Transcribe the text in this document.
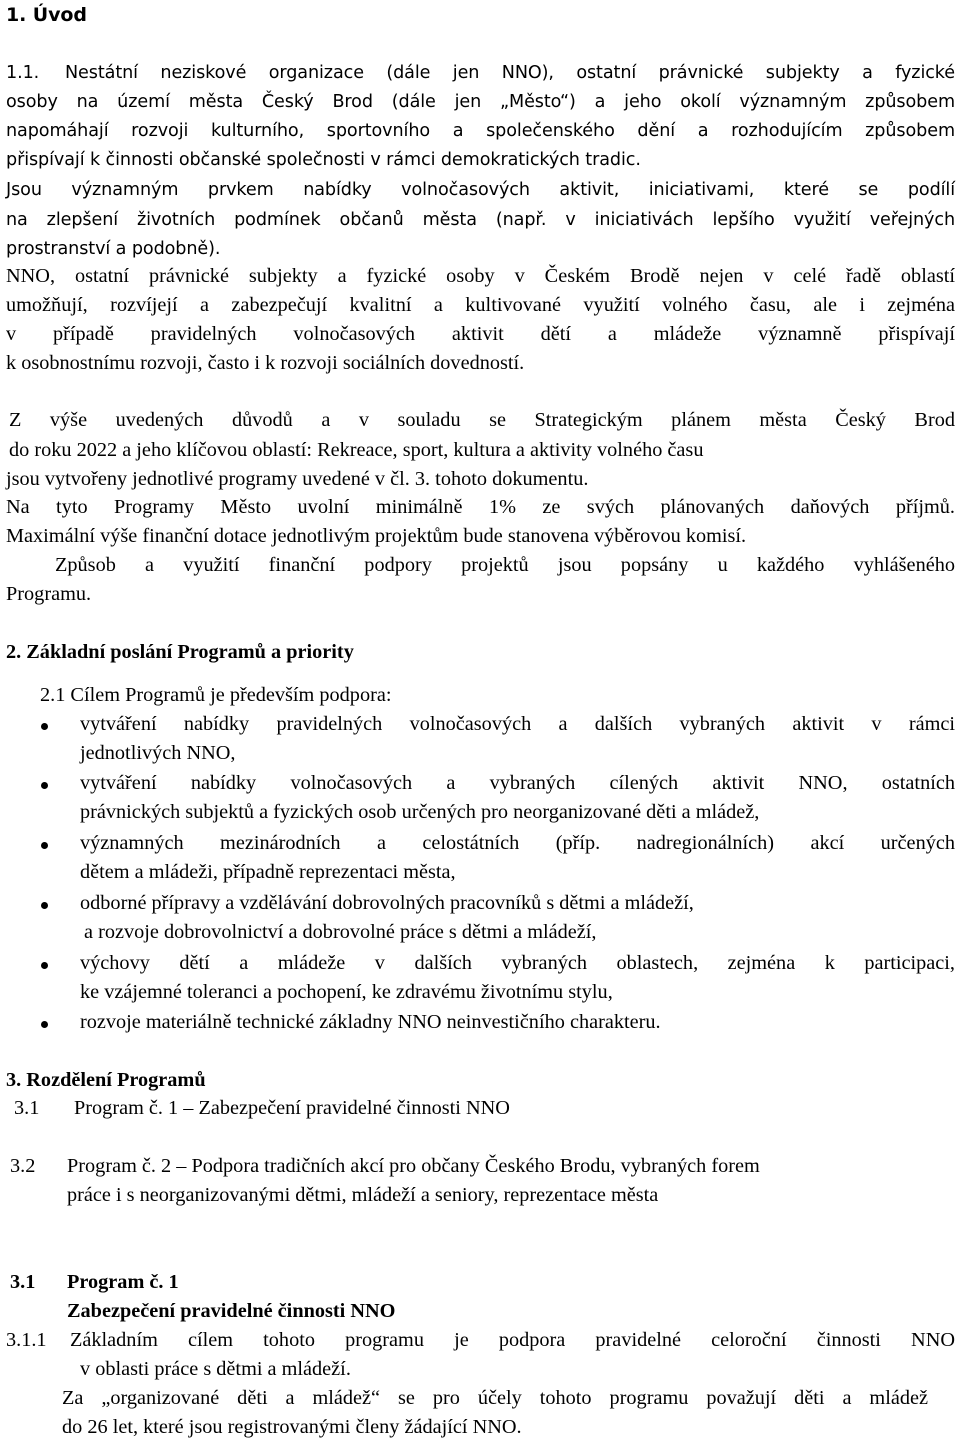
1. Úvod
1.1. Nestátní neziskové organizace (dále jen NNO), ostatní právnické subjekty a fyzické
osoby na území města Český Brod (dále jen „Město“) a jeho okolí významným způsobem
napomáhají rozvoji kulturního, sportovního a společenského dění a rozhodujícím způsobem
přispívají k činnosti občanské společnosti v rámci demokratických tradic.
Jsou významným prvkem nabídky volnočasových aktivit, iniciativami, které se podílí
na zlepšení životních podmínek občanů města (např. v iniciativách lepšího využití veřejných
prostranství a podobně).
NNO, ostatní právnické subjekty a fyzické osoby v Českém Brodě nejen v celé řadě oblastí
umožňují, rozvíjejí a zabezpečují kvalitní a kultivované využití volného času, ale i zejména
v případě pravidelných volnočasových aktivit dětí a mládeže významně přispívají
k osobnostnímu rozvoji, často i k rozvoji sociálních dovedností.
Z výše uvedených důvodů a v souladu se Strategickým plánem města Český Brod
do roku 2022 a jeho klíčovou oblastí: Rekreace, sport, kultura a aktivity volného času
jsou vytvořeny jednotlivé programy uvedené v čl. 3. tohoto dokumentu.
Na tyto Programy Město uvolní minimálně 1% ze svých plánovaných daňových příjmů.
Maximální výše finanční dotace jednotlivým projektům bude stanovena výběrovou komisí.
Způsob a využití finanční podpory projektů jsou popsány u každého vyhlášeného
Programu.
2. Základní poslání Programů a priority
2.1 Cílem Programů je především podpora:
vytváření nabídky pravidelných volnočasových a dalších vybraných aktivit v rámci
jednotlivých NNO,
vytváření nabídky volnočasových a vybraných cílených aktivit NNO, ostatních
právnických subjektů a fyzických osob určených pro neorganizované děti a mládež,
významných mezinárodních a celostátních (příp. nadregionálních) akcí určených
dětem a mládeži, případně reprezentaci města,
odborné přípravy a vzdělávání dobrovolných pracovníků s dětmi a mládeží,
a rozvoje dobrovolnictví a dobrovolné práce s dětmi a mládeží,
výchovy dětí a mládeže v dalších vybraných oblastech, zejména k participaci,
ke vzájemné toleranci a pochopení, ke zdravému životnímu stylu,
rozvoje materiálně technické základny NNO neinvestičního charakteru.
3. Rozdělení Programů
3.1 Program č. 1 – Zabezpečení pravidelné činnosti NNO
3.2 Program č. 2 – Podpora tradičních akcí pro občany Českého Brodu, vybraných forem
práce i s neorganizovanými dětmi, mládeží a seniory, reprezentace města
3.1 Program č. 1
Zabezpečení pravidelné činnosti NNO
3.1.1 Základním cílem tohoto programu je podpora pravidelné celoroční činnosti NNO
v oblasti práce s dětmi a mládeží.
Za „organizované děti a mládež“ se pro účely tohoto programu považují děti a mládež
do 26 let, které jsou registrovanými členy žádající NNO.
